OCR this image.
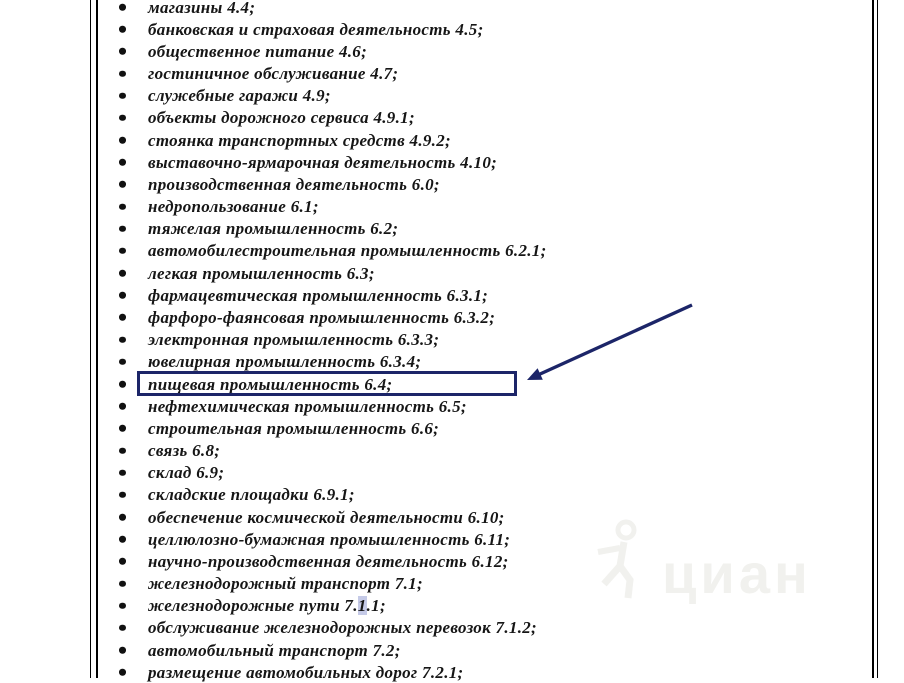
циан
магазины 4.4;
банковская и страховая деятельность 4.5;
общественное питание 4.6;
гостиничное обслуживание 4.7;
служебные гаражи 4.9;
объекты дорожного сервиса 4.9.1;
стоянка транспортных средств 4.9.2;
выставочно-ярмарочная деятельность 4.10;
производственная деятельность 6.0;
недропользование 6.1;
тяжелая промышленность 6.2;
автомобилестроительная промышленность 6.2.1;
легкая промышленность 6.3;
фармацевтическая промышленность 6.3.1;
фарфоро-фаянсовая промышленность 6.3.2;
электронная промышленность 6.3.3;
ювелирная промышленность 6.3.4;
пищевая промышленность 6.4;
нефтехимическая промышленность 6.5;
строительная промышленность 6.6;
связь 6.8;
склад 6.9;
складские площадки 6.9.1;
обеспечение космической деятельности 6.10;
целлюлозно-бумажная промышленность 6.11;
научно-производственная деятельность 6.12;
железнодорожный транспорт 7.1;
железнодорожные пути 7.1.1;
обслуживание железнодорожных перевозок 7.1.2;
автомобильный транспорт 7.2;
размещение автомобильных дорог 7.2.1;
